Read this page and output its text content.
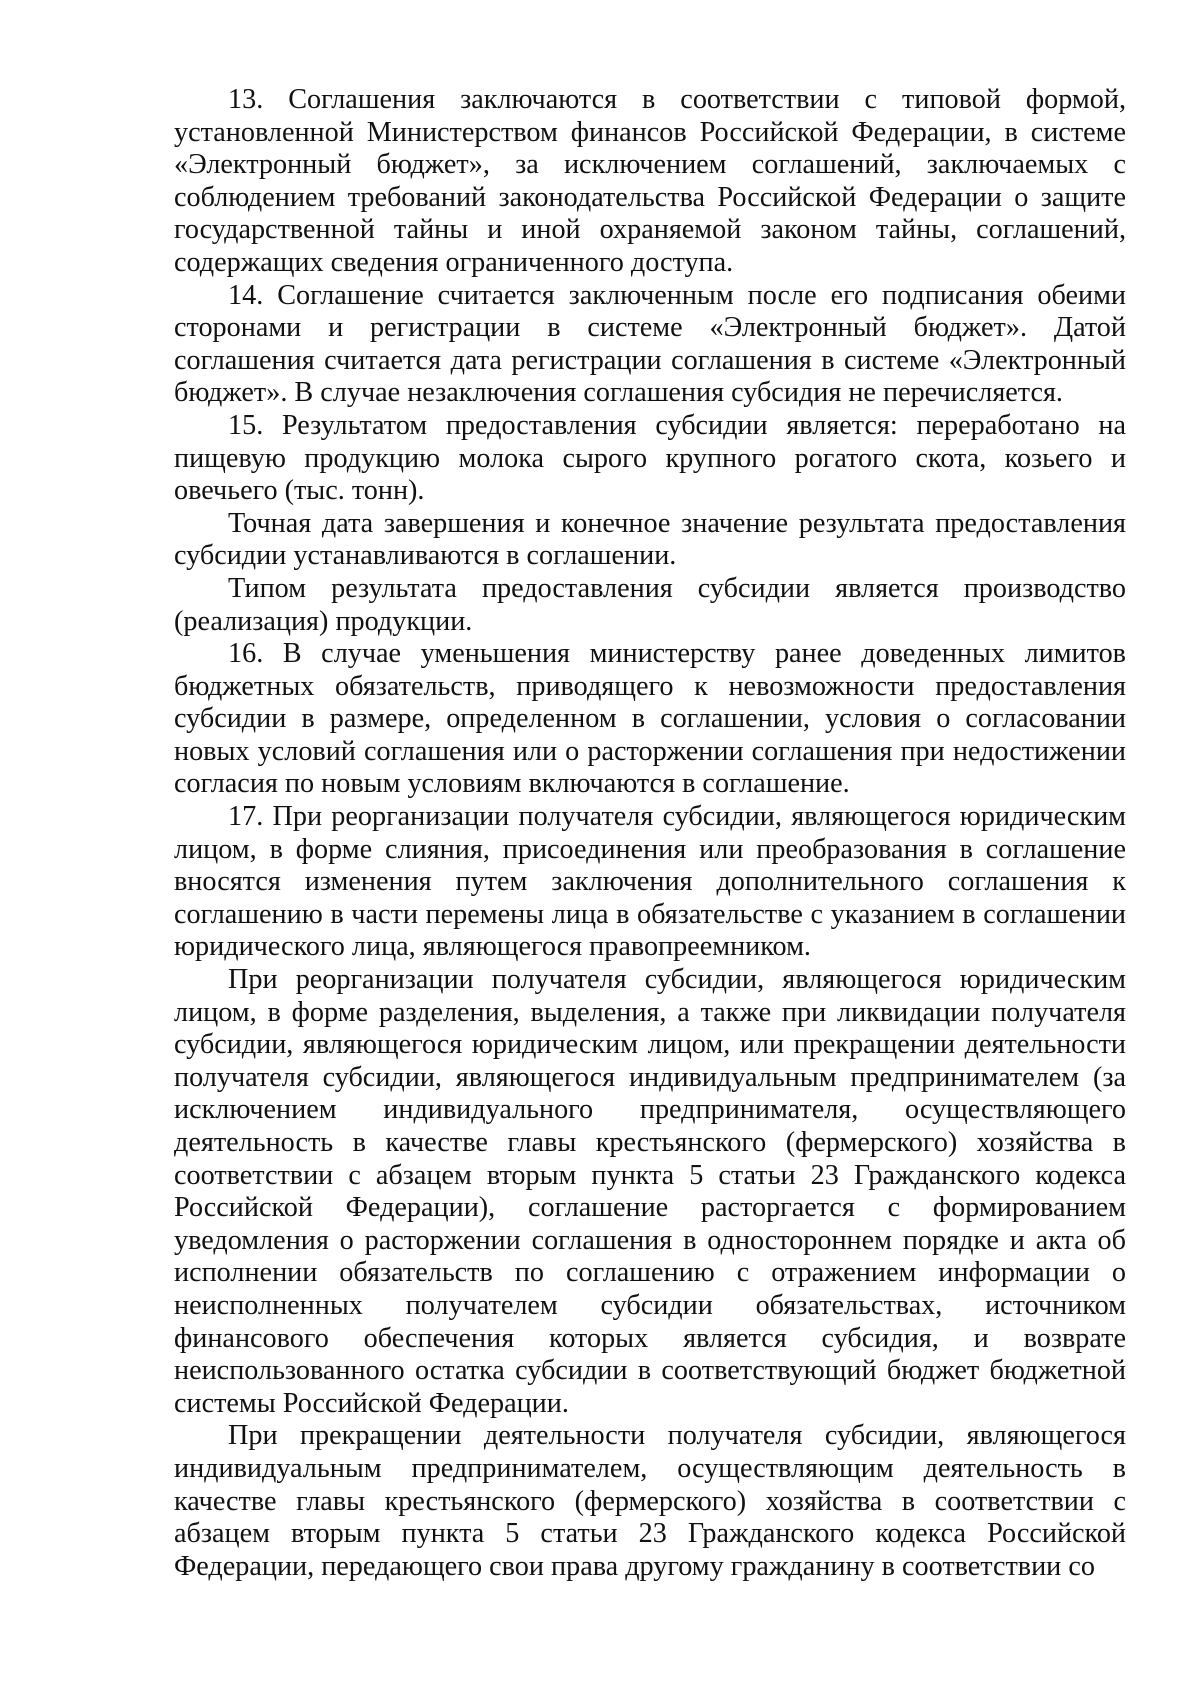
13. Соглашения заключаются в соответствии с типовой формой, установленной Министерством финансов Российской Федерации, в системе «Электронный бюджет», за исключением соглашений, заключаемых с соблюдением требований законодательства Российской Федерации о защите государственной тайны и иной охраняемой законом тайны, соглашений, содержащих сведения ограниченного доступа.

14. Соглашение считается заключенным после его подписания обеими сторонами и регистрации в системе «Электронный бюджет». Датой соглашения считается дата регистрации соглашения в системе «Электронный бюджет». В случае незаключения соглашения субсидия не перечисляется.

15. Результатом предоставления субсидии является: переработано на пищевую продукцию молока сырого крупного рогатого скота, козьего и овечьего (тыс. тонн).

Точная дата завершения и конечное значение результата предоставления субсидии устанавливаются в соглашении.

Типом результата предоставления субсидии является производство (реализация) продукции.

16. В случае уменьшения министерству ранее доведенных лимитов бюджетных обязательств, приводящего к невозможности предоставления субсидии в размере, определенном в соглашении, условия о согласовании новых условий соглашения или о расторжении соглашения при недостижении согласия по новым условиям включаются в соглашение.

17. При реорганизации получателя субсидии, являющегося юридическим лицом, в форме слияния, присоединения или преобразования в соглашение вносятся изменения путем заключения дополнительного соглашения к соглашению в части перемены лица в обязательстве с указанием в соглашении юридического лица, являющегося правопреемником.

При реорганизации получателя субсидии, являющегося юридическим лицом, в форме разделения, выделения, а также при ликвидации получателя субсидии, являющегося юридическим лицом, или прекращении деятельности получателя субсидии, являющегося индивидуальным предпринимателем (за исключением индивидуального предпринимателя, осуществляющего деятельность в качестве главы крестьянского (фермерского) хозяйства в соответствии с абзацем вторым пункта 5 статьи 23 Гражданского кодекса Российской Федерации), соглашение расторгается с формированием уведомления о расторжении соглашения в одностороннем порядке и акта об исполнении обязательств по соглашению с отражением информации о неисполненных получателем субсидии обязательствах, источником финансового обеспечения которых является субсидия, и возврате неиспользованного остатка субсидии в соответствующий бюджет бюджетной системы Российской Федерации.

При прекращении деятельности получателя субсидии, являющегося индивидуальным предпринимателем, осуществляющим деятельность в качестве главы крестьянского (фермерского) хозяйства в соответствии с абзацем вторым пункта 5 статьи 23 Гражданского кодекса Российской Федерации, передающего свои права другому гражданину в соответствии со
